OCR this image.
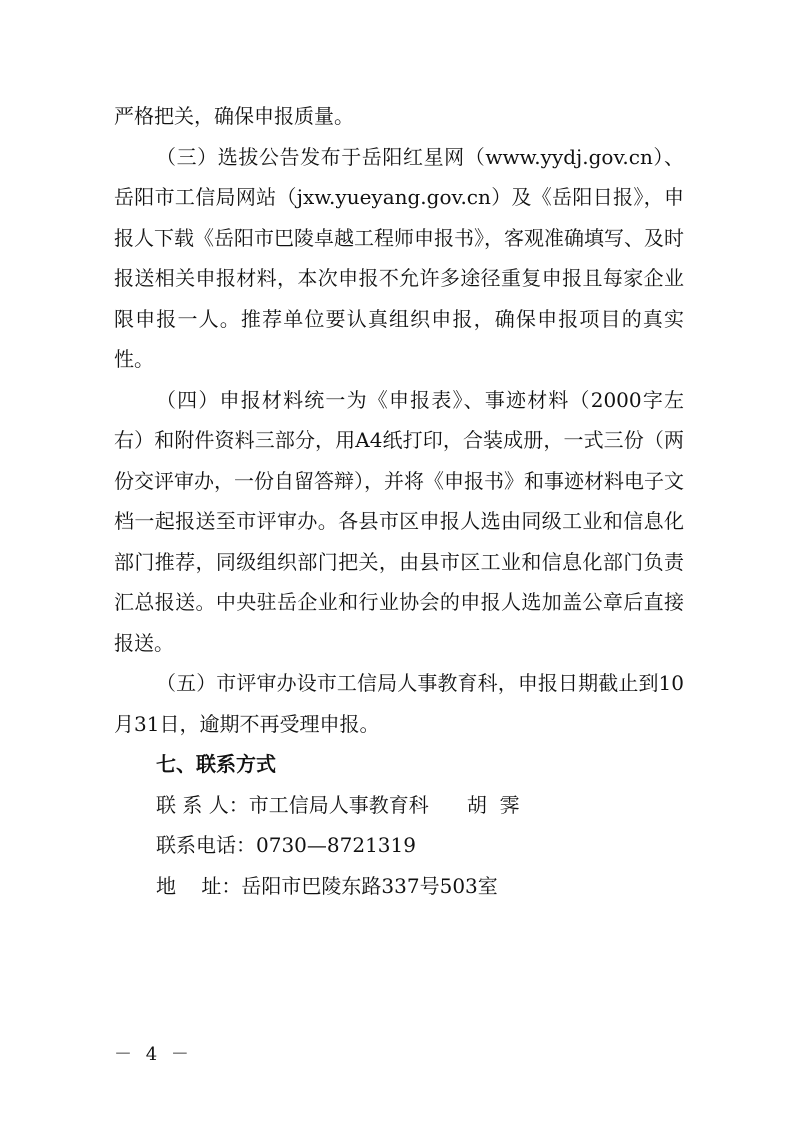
严格把关，确保申报质量。

（三）选拔公告发布于岳阳红星网（www.yydj.gov.cn）、岳阳市工信局网站（jxw.yueyang.gov.cn）及《岳阳日报》，申报人下载《岳阳市巴陵卓越工程师申报书》，客观准确填写、及时报送相关申报材料，本次申报不允许多途径重复申报且每家企业限申报一人。推荐单位要认真组织申报，确保申报项目的真实性。

（四）申报材料统一为《申报表》、事迹材料（2000字左右）和附件资料三部分，用A4纸打印，合装成册，一式三份（两份交评审办，一份自留答辩），并将《申报书》和事迹材料电子文档一起报送至市评审办。各县市区申报人选由同级工业和信息化部门推荐，同级组织部门把关，由县市区工业和信息化部门负责汇总报送。中央驻岳企业和行业协会的申报人选加盖公章后直接报送。

（五）市评审办设市工信局人事教育科，申报日期截止到10月31日，逾期不再受理申报。

七、联系方式

联 系 人：市工信局人事教育科      胡  霁

联系电话：0730—8721319

地    址：岳阳市巴陵东路337号503室

－ 4 －
